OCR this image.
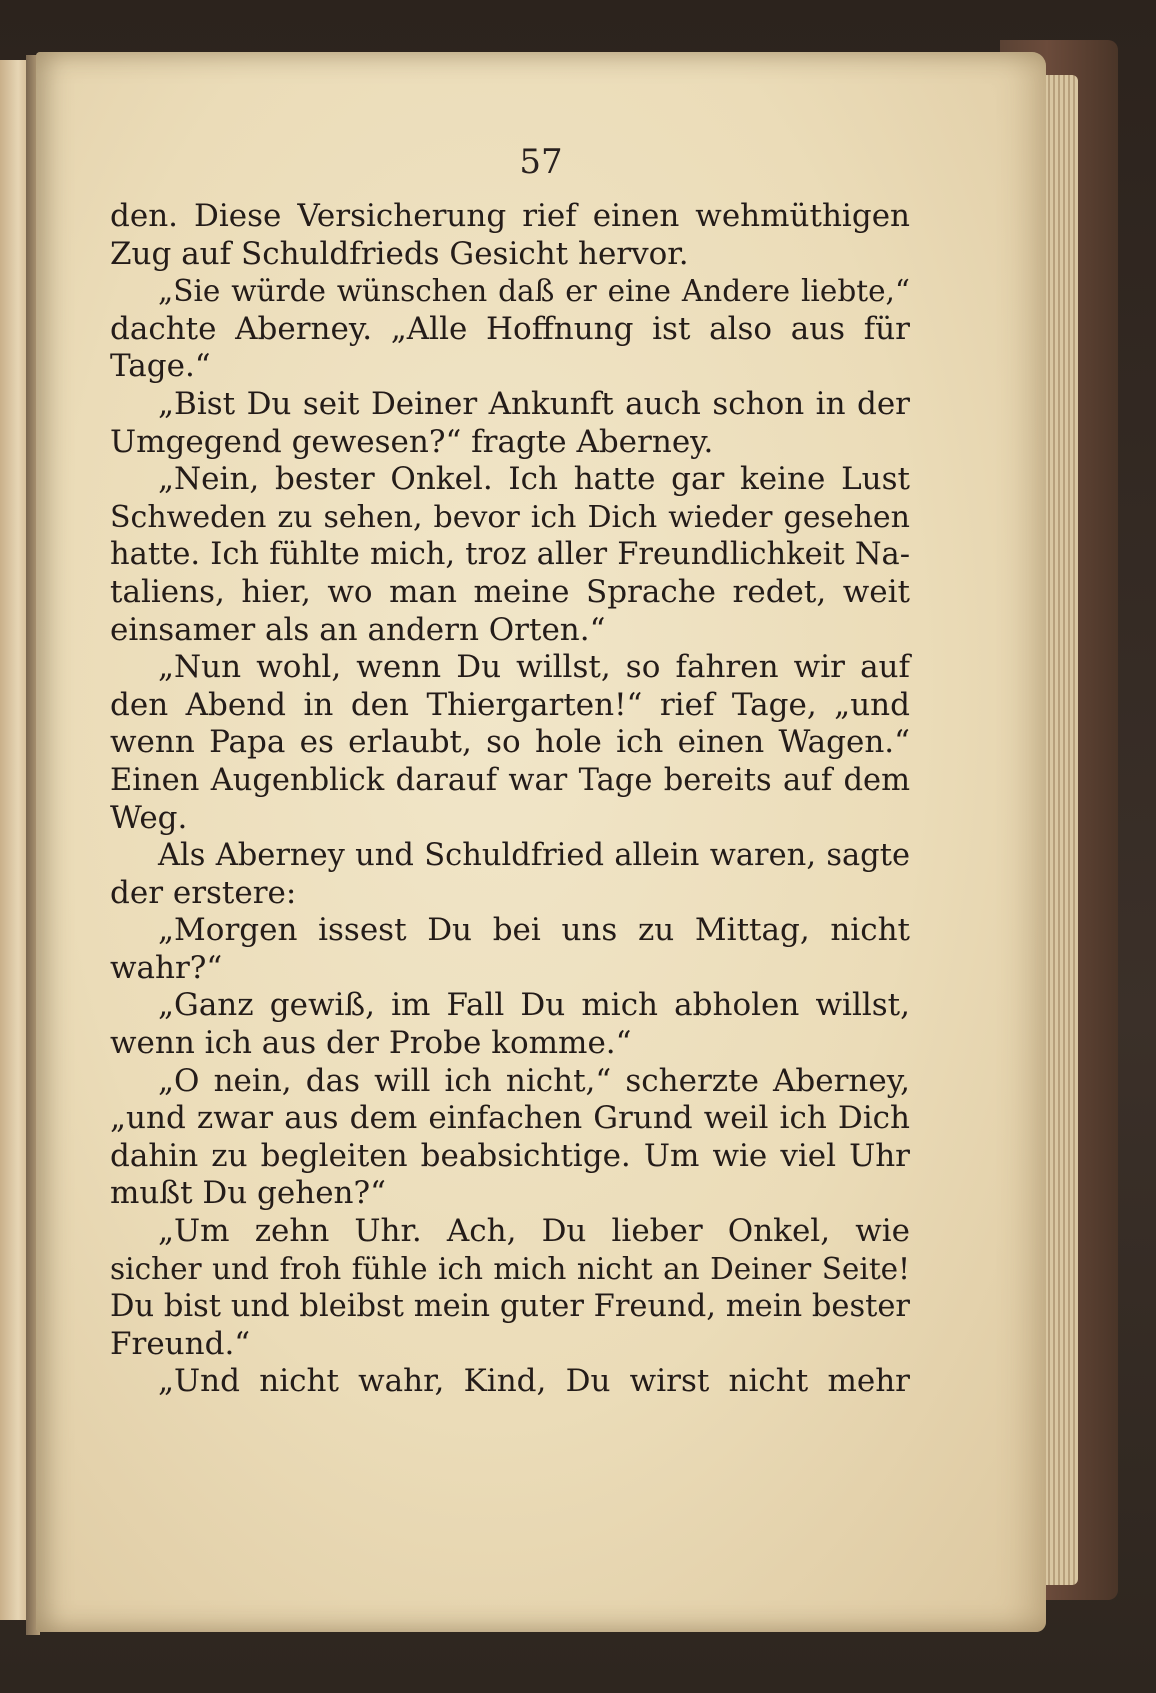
57
den. Diese Versicherung rief einen wehmüthigen
Zug auf Schuldfrieds Gesicht hervor.
„Sie würde wünschen daß er eine Andere liebte,“
dachte Aberney. „Alle Hoffnung ist also aus für
Tage.“
„Bist Du seit Deiner Ankunft auch schon in der
Umgegend gewesen?“ fragte Aberney.
„Nein, bester Onkel. Ich hatte gar keine Lust
Schweden zu sehen, bevor ich Dich wieder gesehen
hatte. Ich fühlte mich, troz aller Freundlichkeit Na-
taliens, hier, wo man meine Sprache redet, weit
einsamer als an andern Orten.“
„Nun wohl, wenn Du willst, so fahren wir auf
den Abend in den Thiergarten!“ rief Tage, „und
wenn Papa es erlaubt, so hole ich einen Wagen.“
Einen Augenblick darauf war Tage bereits auf dem
Weg.
Als Aberney und Schuldfried allein waren, sagte
der erstere:
„Morgen issest Du bei uns zu Mittag, nicht
wahr?“
„Ganz gewiß, im Fall Du mich abholen willst,
wenn ich aus der Probe komme.“
„O nein, das will ich nicht,“ scherzte Aberney,
„und zwar aus dem einfachen Grund weil ich Dich
dahin zu begleiten beabsichtige. Um wie viel Uhr
mußt Du gehen?“
„Um zehn Uhr. Ach, Du lieber Onkel, wie
sicher und froh fühle ich mich nicht an Deiner Seite!
Du bist und bleibst mein guter Freund, mein bester
Freund.“
„Und nicht wahr, Kind, Du wirst nicht mehr
